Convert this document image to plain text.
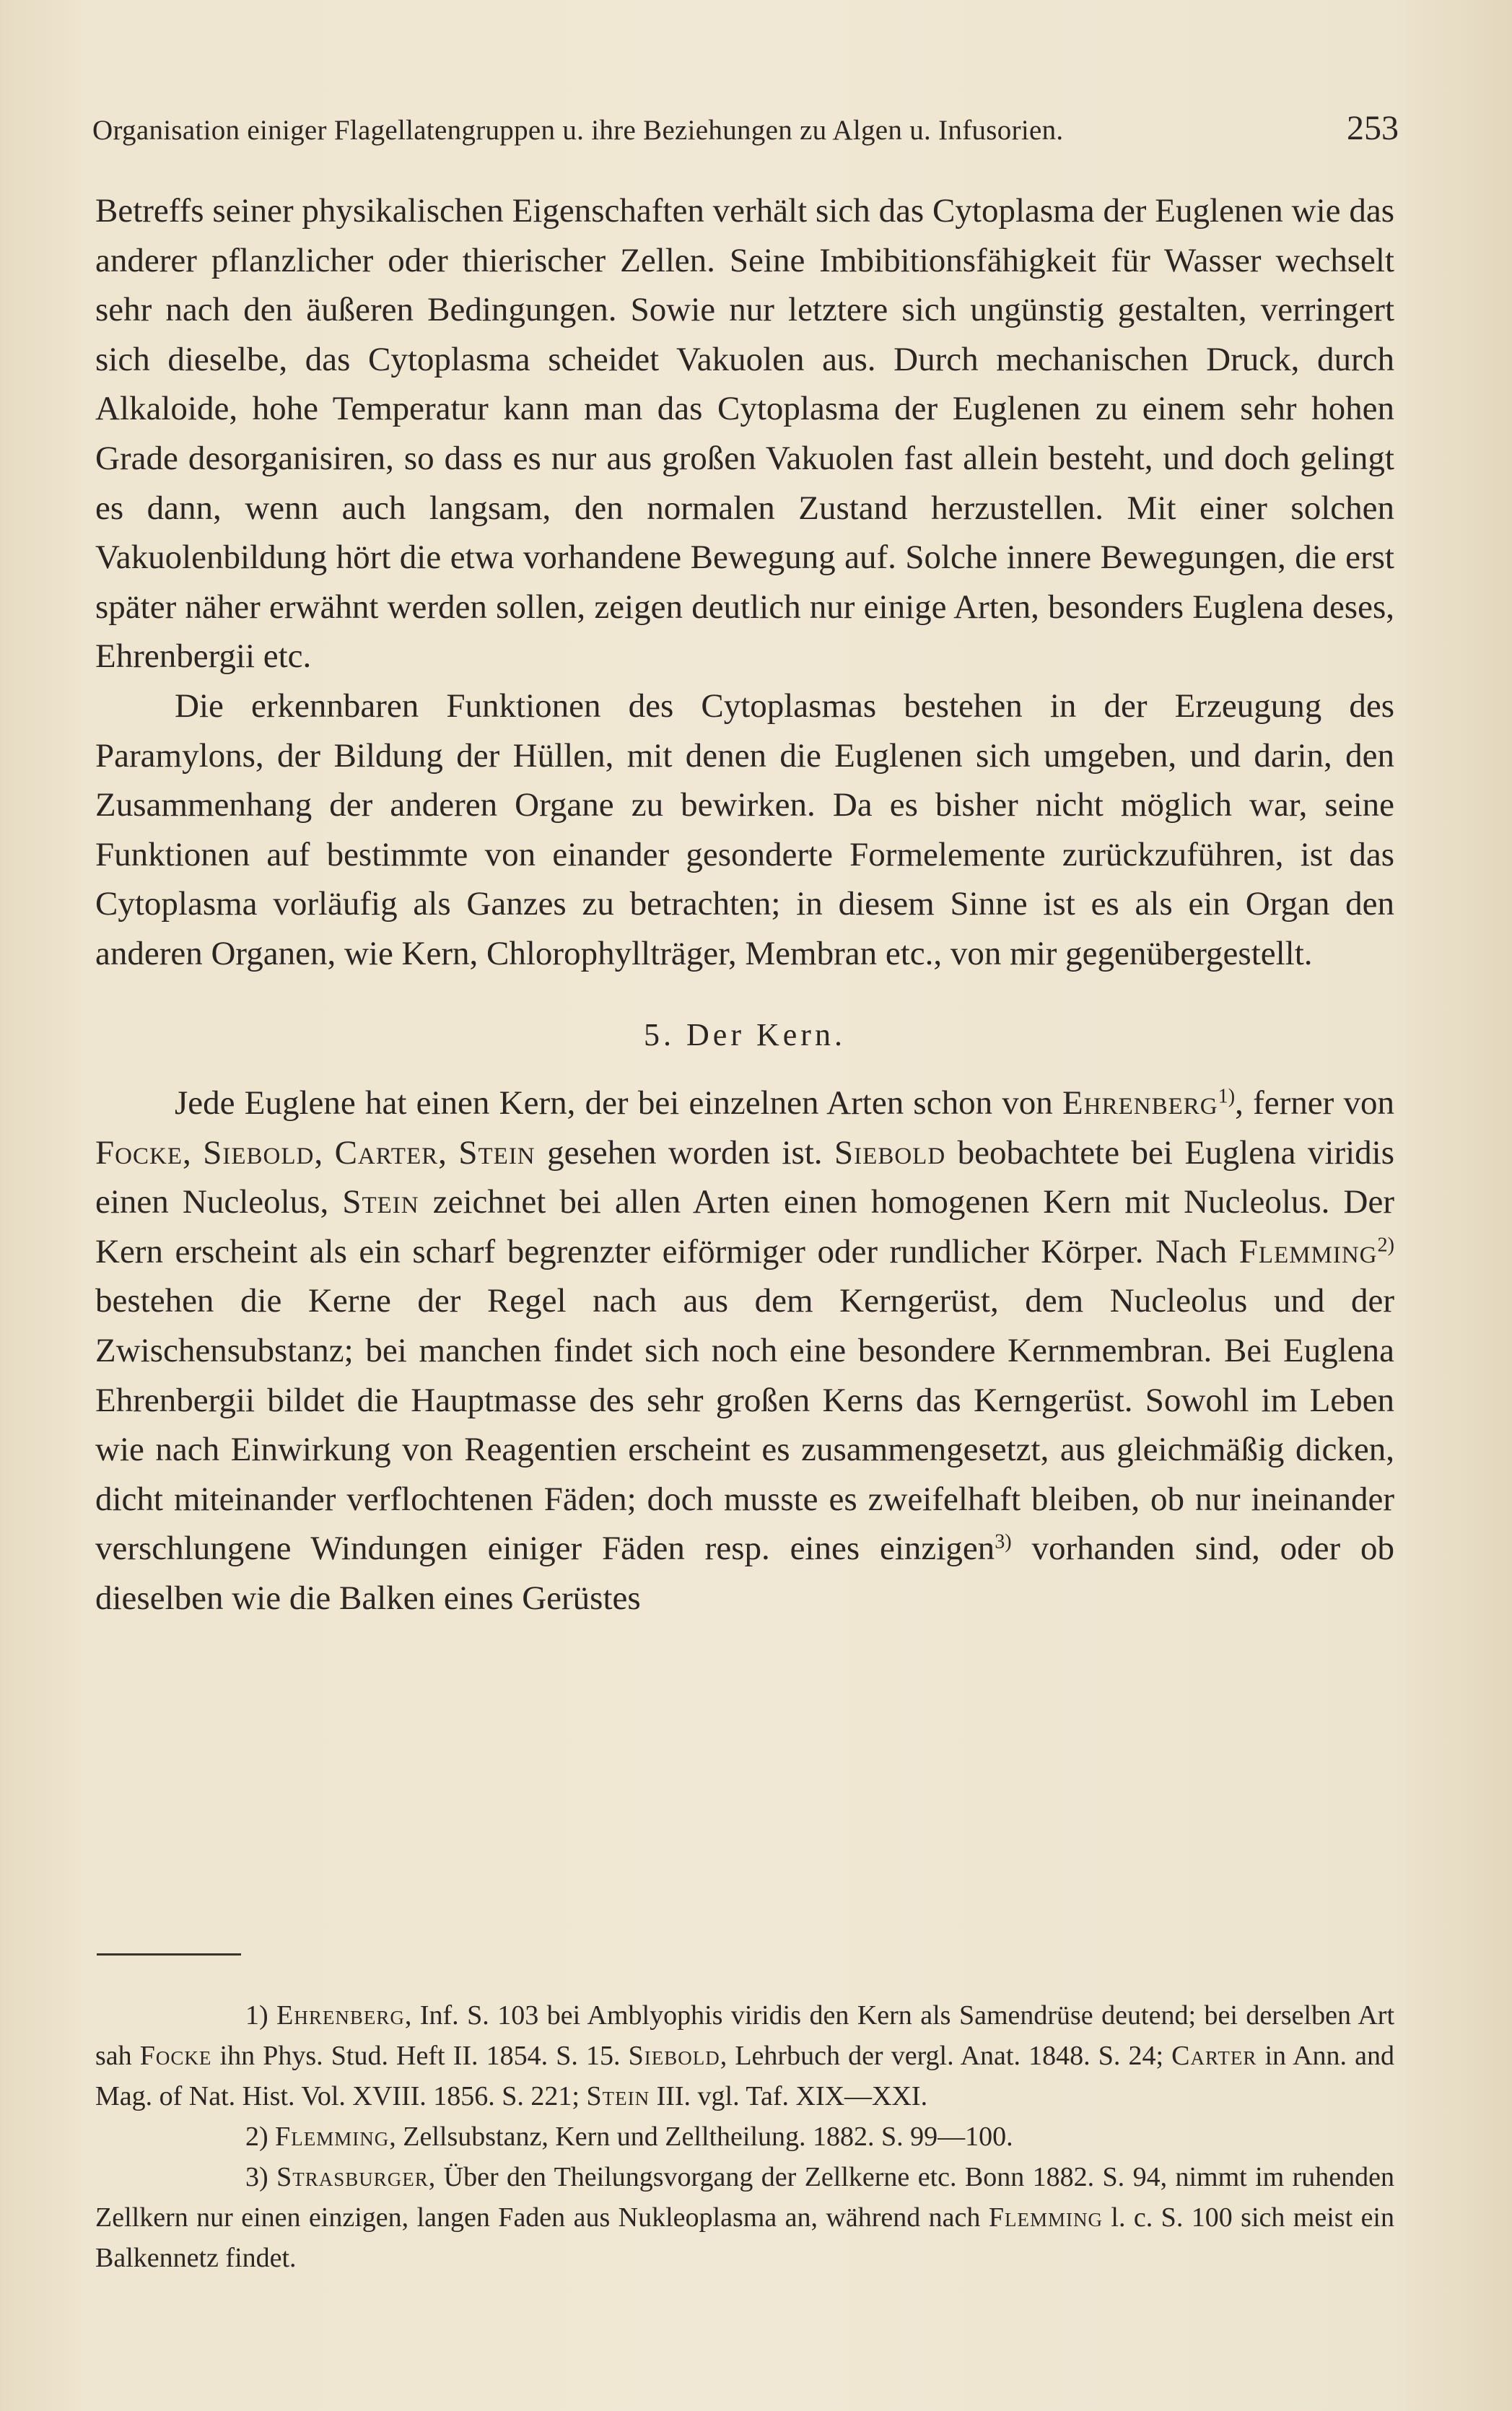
Organisation einiger Flagellatengruppen u. ihre Beziehungen zu Algen u. Infusorien.	253

Betreffs seiner physikalischen Eigenschaften verhält sich das Cytoplasma der Euglenen wie das anderer pflanzlicher oder thierischer Zellen. Seine Imbibitionsfähigkeit für Wasser wechselt sehr nach den äußeren Bedingungen. Sowie nur letztere sich ungünstig gestalten, verringert sich dieselbe, das Cytoplasma scheidet Vakuolen aus. Durch mechanischen Druck, durch Alkaloide, hohe Temperatur kann man das Cytoplasma der Euglenen zu einem sehr hohen Grade desorganisiren, so dass es nur aus großen Vakuolen fast allein besteht, und doch gelingt es dann, wenn auch langsam, den normalen Zustand herzustellen. Mit einer solchen Vakuolenbildung hört die etwa vorhandene Bewegung auf. Solche innere Bewegungen, die erst später näher erwähnt werden sollen, zeigen deutlich nur einige Arten, besonders Euglena deses, Ehrenbergii etc.

Die erkennbaren Funktionen des Cytoplasmas bestehen in der Erzeugung des Paramylons, der Bildung der Hüllen, mit denen die Euglenen sich umgeben, und darin, den Zusammenhang der anderen Organe zu bewirken. Da es bisher nicht möglich war, seine Funktionen auf bestimmte von einander gesonderte Formelemente zurückzuführen, ist das Cytoplasma vorläufig als Ganzes zu betrachten; in diesem Sinne ist es als ein Organ den anderen Organen, wie Kern, Chlorophyllträger, Membran etc., von mir gegenübergestellt.

5. Der Kern.

Jede Euglene hat einen Kern, der bei einzelnen Arten schon von Ehrenberg$^{1)}$, ferner von Focke, Siebold, Carter, Stein gesehen worden ist. Siebold beobachtete bei Euglena viridis einen Nucleolus, Stein zeichnet bei allen Arten einen homogenen Kern mit Nucleolus. Der Kern erscheint als ein scharf begrenzter eiförmiger oder rundlicher Körper. Nach Flemming$^{2)}$ bestehen die Kerne der Regel nach aus dem Kerngerüst, dem Nucleolus und der Zwischensubstanz; bei manchen findet sich noch eine besondere Kernmembran. Bei Euglena Ehrenbergii bildet die Hauptmasse des sehr großen Kerns das Kerngerüst. Sowohl im Leben wie nach Einwirkung von Reagentien erscheint es zusammengesetzt, aus gleichmäßig dicken, dicht miteinander verflochtenen Fäden; doch musste es zweifelhaft bleiben, ob nur ineinander verschlungene Windungen einiger Fäden resp. eines einzigen$^{3)}$ vorhanden sind, oder ob dieselben wie die Balken eines Gerüstes

1) Ehrenberg, Inf. S. 103 bei Amblyophis viridis den Kern als Samendrüse deutend; bei derselben Art sah Focke ihn Phys. Stud. Heft II. 1854. S. 15. Siebold, Lehrbuch der vergl. Anat. 1848. S. 24; Carter in Ann. and Mag. of Nat. Hist. Vol. XVIII. 1856. S. 221; Stein III. vgl. Taf. XIX—XXI.

2) Flemming, Zellsubstanz, Kern und Zelltheilung. 1882. S. 99—100.

3) Strasburger, Über den Theilungsvorgang der Zellkerne etc. Bonn 1882. S. 94, nimmt im ruhenden Zellkern nur einen einzigen, langen Faden aus Nukleoplasma an, während nach Flemming l. c. S. 100 sich meist ein Balkennetz findet.
